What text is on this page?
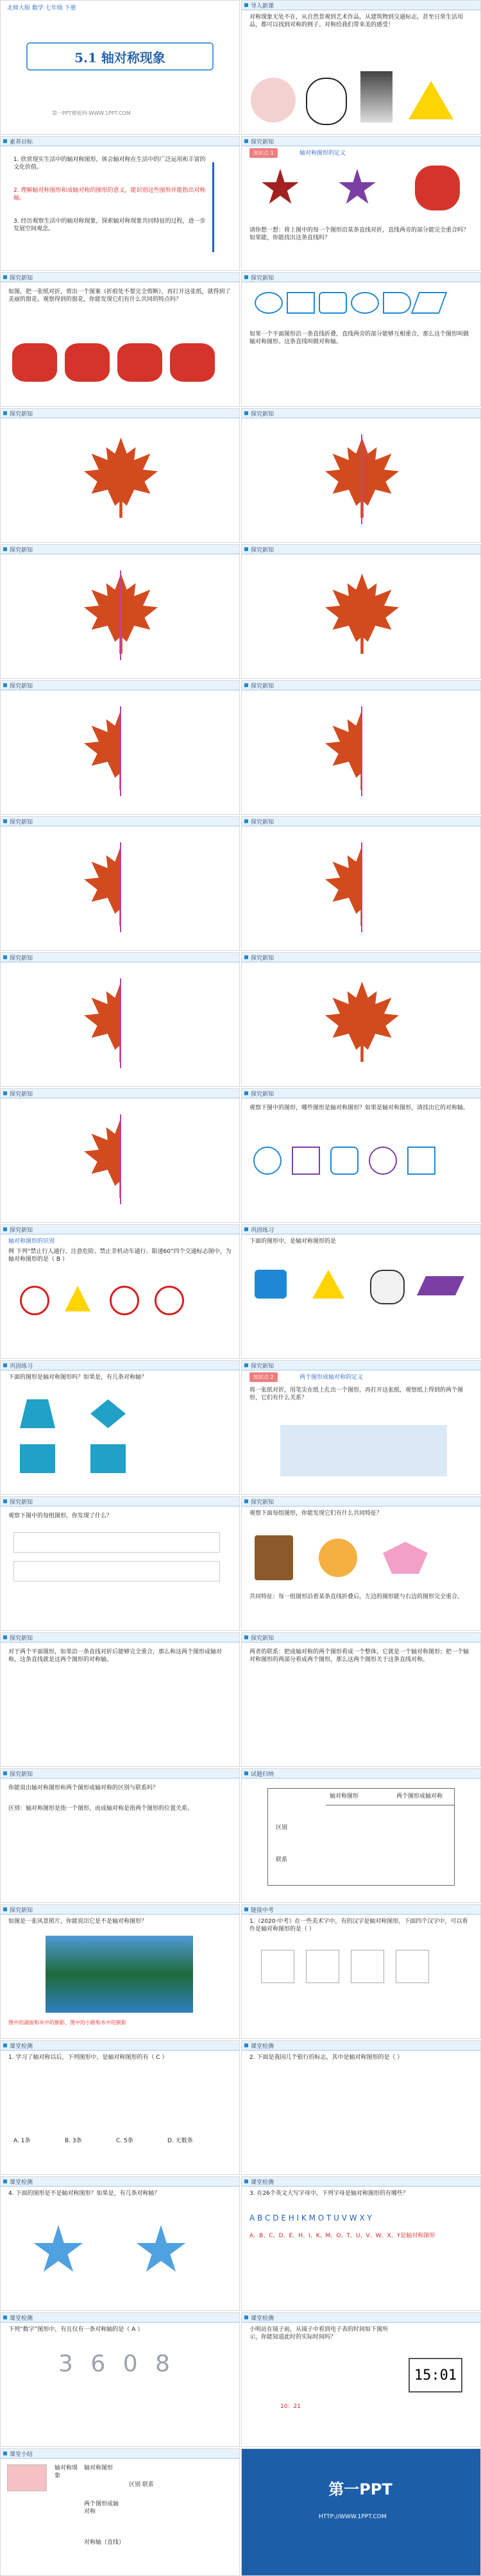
北师大版 数学 七年级 下册
5.1 轴对称现象
第一PPT模板网-WWW.1PPT.COM
导入新课
对称现象无处不在，从自然景观到艺术作品，从建筑物到交通标志，甚至日常生活用品，都可以找到对称的例子。对称给我们带来美的感受！
素养目标
1. 欣赏现实生活中的轴对称图形，体会轴对称在生活中的广泛运用和丰富的文化价值。
2. 理解轴对称图形和成轴对称的图形的意义，能识别这些图形并能指出对称轴。
3. 经历观察生活中的轴对称现象，探索轴对称现象共同特征的过程，进一步发展空间观念。
探究新知
知识点 1	轴对称图形的定义
请你想一想：将上图中的每一个图形沿某条直线对折，直线两旁的部分能完全重合吗？如果能，你能找出这条直线吗？
探究新知
如图，把一张纸对折，剪出一个图案（折痕处不要完全剪断），再打开这张纸，就得到了美丽的窗花。观察得到的窗花，你能发现它们有什么共同的特点吗？
探究新知
如果一个平面图形沿一条直线折叠，直线两旁的部分能够互相重合，那么这个图形叫做轴对称图形。这条直线叫做对称轴。
探究新知	探究新知
探究新知	探究新知
探究新知	探究新知
探究新知	探究新知
探究新知	探究新知
探究新知	探究新知
观察下图中的图形，哪些图形是轴对称图形？如果是轴对称图形，请找出它的对称轴。
探究新知
轴对称图形的识别
例 下列“禁止行人通行、注意危险、禁止非机动车通行、限速60”四个交通标志图中，为轴对称图形的是（ B ）
巩固练习
下面的图形中，是轴对称图形的是
巩固练习
下面的图形是轴对称图形吗？如果是，有几条对称轴？
探究新知
知识点 2	两个图形成轴对称的定义
将一张纸对折，用笔尖在纸上扎出一个图形，再打开这张纸，观察纸上得到的两个图形，它们有什么关系？
探究新知
观察下图中的每组图形，你发现了什么？
探究新知
观察下面每组图形，你能发现它们有什么共同特征？
共同特征：每一组图形沿着某条直线折叠后，左边的图形能与右边的图形完全重合。
探究新知
对于两个平面图形，如果沿一条直线对折后能够完全重合，那么称这两个图形成轴对称，这条直线就是这两个图形的对称轴。
探究新知
两者的联系：把成轴对称的两个图形看成一个整体，它就是一个轴对称图形；把一个轴对称图形的两部分看成两个图形，那么这两个图形关于这条直线对称。
探究新知
你能说出轴对称图形和两个图形成轴对称的区别与联系吗？
区别：轴对称图形是指一个图形，而成轴对称是指两个图形的位置关系。
试题归纳
轴对称图形	两个图形成轴对称
区别
联系
探究新知
如图是一张风景照片，你能说出它是不是轴对称图形？
图中的湖面和水中的倒影，图中的小路和水中的倒影
链接中考
1.（2020·中考）在一些美术字中，有的汉字是轴对称图形，下面四个汉字中，可以看作是轴对称图形的是（ ）
课堂检测
1. 学习了轴对称以后，下列图形中，是轴对称图形的有（ C ）
A. 1条	B. 3条	C. 5条	D. 无数条
课堂检测
2. 下面是我国几个银行的标志，其中是轴对称图形的是（ ）
课堂检测
4. 下面的图形是不是轴对称图形？如果是，有几条对称轴？
课堂检测
3. 在26个英文大写字母中，下列字母是轴对称图形的有哪些？
A B C D E H I K M O T U V W X Y
A、B、C、D、E、H、I、K、M、O、T、U、V、W、X、Y是轴对称图形
课堂检测
下列“数字”图形中，有且仅有一条对称轴的是（ A ）
3 6 0 8
课堂检测
小明站在镜子前，从镜子中看到电子表的时间如下图所示，你能知道此时的实际时间吗？
10：21
15:01
课堂小结
轴对称现象
轴对称图形
两个图形成轴对称
区别 联系
对称轴（直线）
第一PPT
HTTP://WWW.1PPT.COM
